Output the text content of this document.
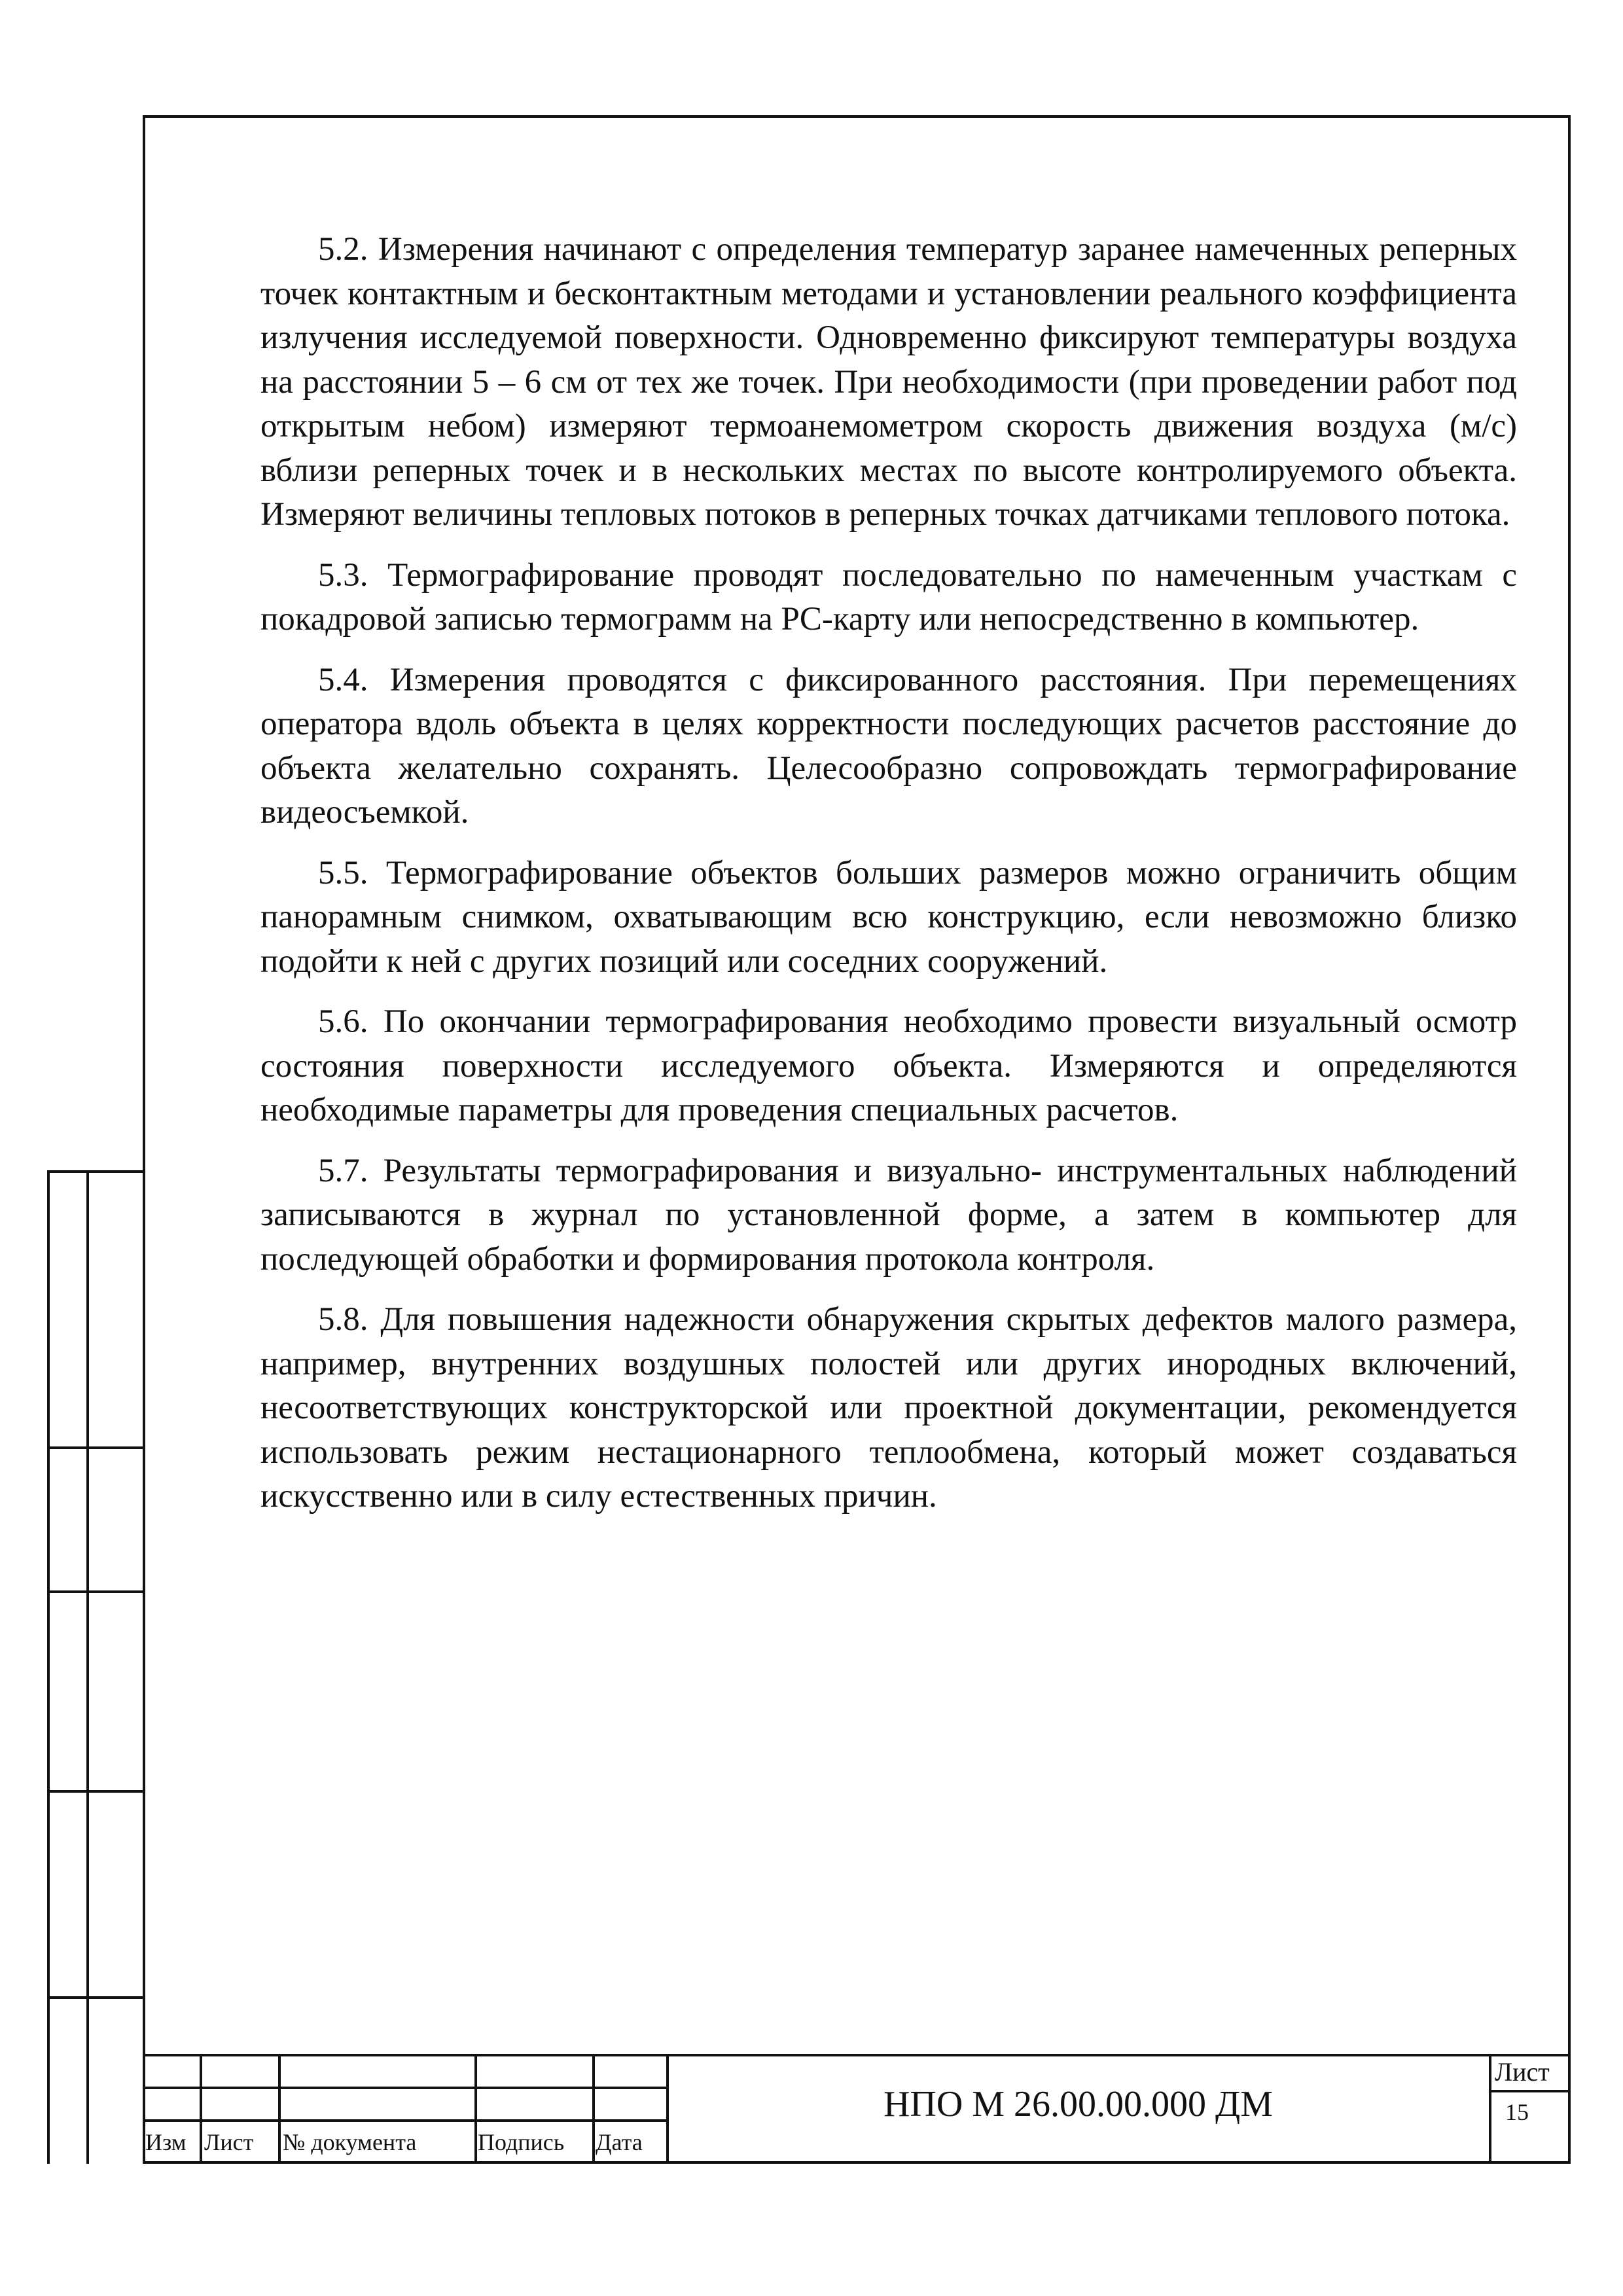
5.2. Измерения начинают с определения температур заранее намеченных реперных точек контактным и бесконтактным методами и установлении реального коэффициента излучения исследуемой поверхности. Одновременно фиксируют температуры воздуха на расстоянии 5 – 6 см от тех же точек. При необходимости (при проведении работ под открытым небом) измеряют термоанемометром скорость движения воздуха (м/с) вблизи реперных точек и в нескольких местах по высоте контролируемого объекта. Измеряют величины тепловых потоков в реперных точках датчиками теплового потока.

5.3. Термографирование проводят последовательно по намеченным участкам с покадровой записью термограмм на PC-карту или непосредственно в компьютер.

5.4. Измерения проводятся с фиксированного расстояния. При перемещениях оператора вдоль объекта в целях корректности последующих расчетов расстояние до объекта желательно сохранять. Целесообразно сопровождать термографирование видеосъемкой.

5.5. Термографирование объектов больших размеров можно ограничить общим панорамным снимком, охватывающим всю конструкцию, если невозможно близко подойти к ней с других позиций или соседних сооружений.

5.6. По окончании термографирования необходимо провести визуальный осмотр состояния поверхности исследуемого объекта. Измеряются и определяются необходимые параметры для проведения специальных расчетов.

5.7. Результаты термографирования и визуально- инструментальных наблюдений записываются в журнал по установленной форме, а затем в компьютер для последующей обработки и формирования протокола контроля.

5.8. Для повышения надежности обнаружения скрытых дефектов малого размера, например, внутренних воздушных полостей или других инородных включений, несоответствующих конструкторской или проектной документации, рекомендуется использовать режим нестационарного теплообмена, который может создаваться искусственно или в силу естественных причин.

Изм Лист № документа	Подпись Дата
НПО М 26.00.00.000 ДМ
Лист
15
